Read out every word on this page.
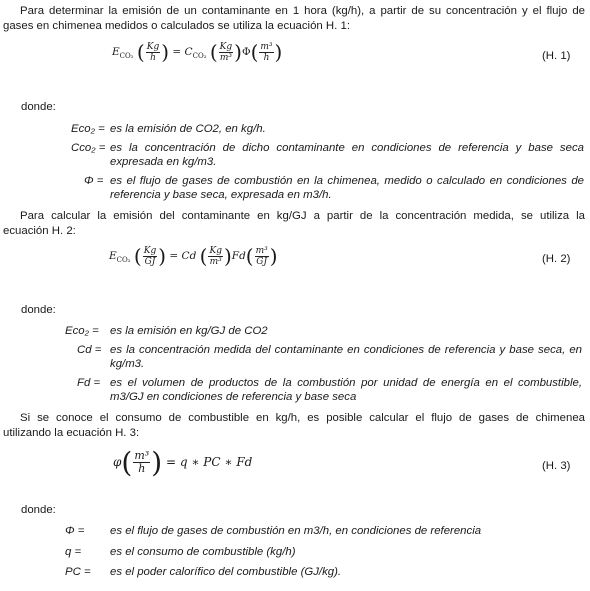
Para determinar la emisión de un contaminante en 1 hora (kg/h), a partir de su concentración y el flujo de
gases en chimenea medidos o calculados se utiliza la ecuación H. 1:
$E_{CO_2}$ ( $\frac{Kg}{h}$ ) = $C_{CO_2}$ ( $\frac{Kg}{\text{m³}} )\Phi( \frac{\text{m³}}{h}$ )	(H. 1)
donde:
Eco₂ = es la emisión de CO2, en kg/h.
Cco₂ = es la concentración de dicho contaminante en condiciones de referencia y base seca
expresada en kg/m3.
Φ = es el flujo de gases de combustión en la chimenea, medido o calculado en condiciones de
referencia y base seca, expresada en m3/h.
Para calcular la emisión del contaminante en kg/GJ a partir de la concentración medida, se utiliza la
ecuación H. 2:
$E_{CO_2}$ ( $\frac{Kg}{GJ}$ ) = Cd ( $\frac{Kg}{\text{m³}} )Fd( \frac{\text{m³}}{GJ}$ )	(H. 2)
donde:
Eco₂ = es la emisión en kg/GJ de CO2
Cd = es la concentración medida del contaminante en condiciones de referencia y base seca, en
kg/m3.
Fd = es el volumen de productos de la combustión por unidad de energía en el combustible,
m3/GJ en condiciones de referencia y base seca
Si se conoce el consumo de combustible en kg/h, es posible calcular el flujo de gases de chimenea
utilizando la ecuación H. 3:
$\varphi( \frac{\text{m³}}{h}$ ) = q ∗ PC ∗ Fd	(H. 3)
donde:
Φ = es el flujo de gases de combustión en m3/h, en condiciones de referencia
q =	es el consumo de combustible (kg/h)
PC = es el poder calorífico del combustible (GJ/kg).
